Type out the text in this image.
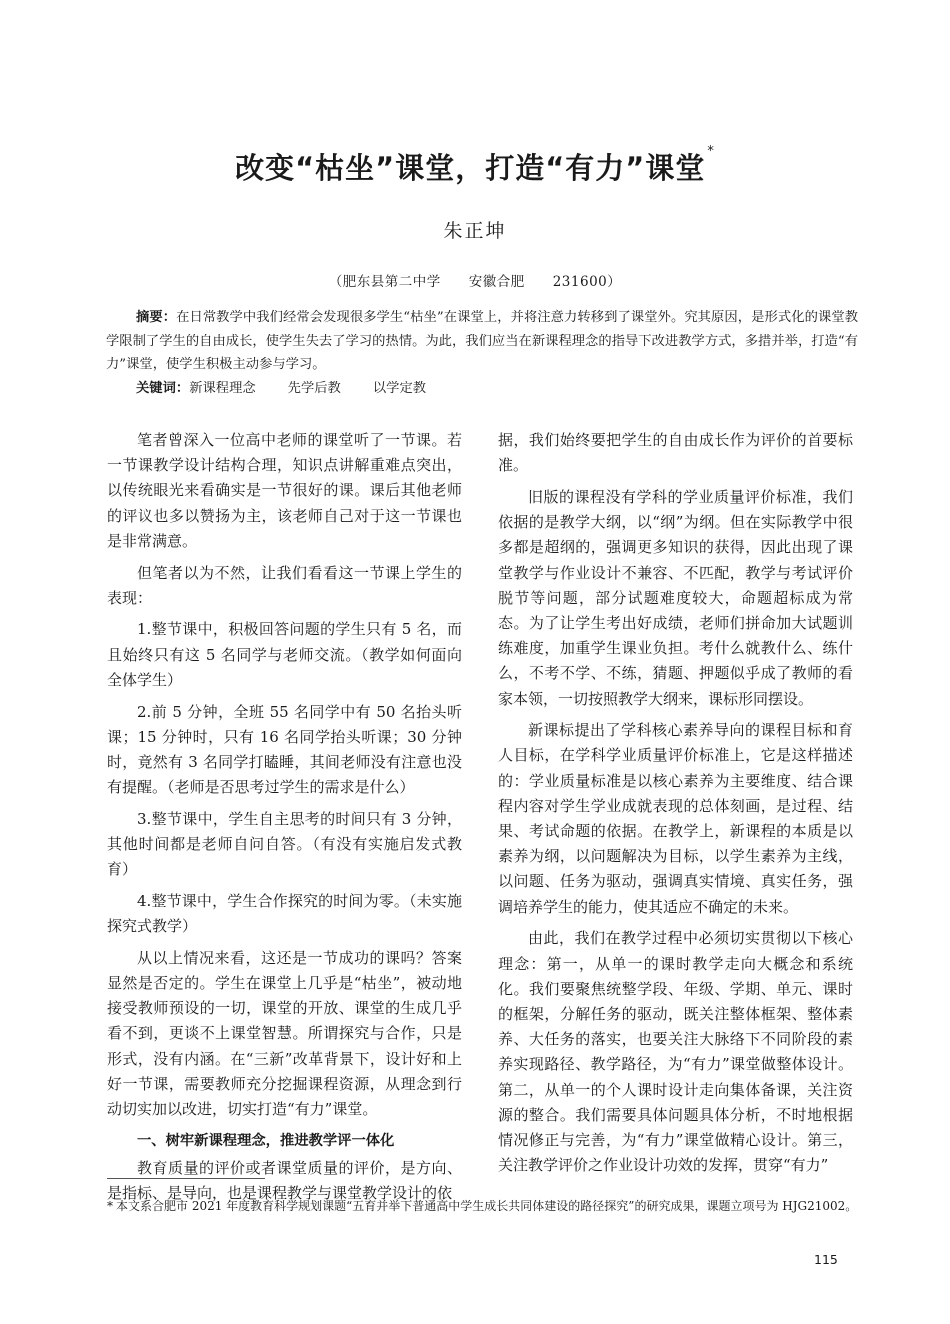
改变“枯坐”课堂，打造“有力”课堂 *
朱正坤
（肥东县第二中学 安徽合肥 231600）
摘要：在日常教学中我们经常会发现很多学生“枯坐”在课堂上，并将注意力转移到了课堂外。究其原因，是形式化的课堂教学限制了学生的自由成长，使学生失去了学习的热情。为此，我们应当在新课程理念的指导下改进教学方式，多措并举，打造“有力”课堂，使学生积极主动参与学习。
关键词：新课程理念 先学后教 以学定教

笔者曾深入一位高中老师的课堂听了一节课。若一节课教学设计结构合理，知识点讲解重难点突出，以传统眼光来看确实是一节很好的课。课后其他老师的评议也多以赞扬为主，该老师自己对于这一节课也是非常满意。

但笔者以为不然，让我们看看这一节课上学生的表现：

1.整节课中，积极回答问题的学生只有 5 名，而且始终只有这 5 名同学与老师交流。（教学如何面向全体学生）

2.前 5 分钟，全班 55 名同学中有 50 名抬头听课；15 分钟时，只有 16 名同学抬头听课；30 分钟时，竟然有 3 名同学打瞌睡，其间老师没有注意也没有提醒。（老师是否思考过学生的需求是什么）

3.整节课中，学生自主思考的时间只有 3 分钟，其他时间都是老师自问自答。（有没有实施启发式教育）

4.整节课中，学生合作探究的时间为零。（未实施探究式教学）

从以上情况来看，这还是一节成功的课吗？答案显然是否定的。学生在课堂上几乎是“枯坐”，被动地接受教师预设的一切，课堂的开放、课堂的生成几乎看不到，更谈不上课堂智慧。所谓探究与合作，只是形式，没有内涵。在“三新”改革背景下，设计好和上好一节课，需要教师充分挖掘课程资源，从理念到行动切实加以改进，切实打造“有力”课堂。

一、树牢新课程理念，推进教学评一体化

教育质量的评价或者课堂质量的评价，是方向、是指标、是导向，也是课程教学与课堂教学设计的依

据，我们始终要把学生的自由成长作为评价的首要标准。

旧版的课程没有学科的学业质量评价标准，我们依据的是教学大纲，以“纲”为纲。但在实际教学中很多都是超纲的，强调更多知识的获得，因此出现了课堂教学与作业设计不兼容、不匹配，教学与考试评价脱节等问题，部分试题难度较大，命题超标成为常态。为了让学生考出好成绩，老师们拼命加大试题训练难度，加重学生课业负担。考什么就教什么、练什么，不考不学、不练，猜题、押题似乎成了教师的看家本领，一切按照教学大纲来，课标形同摆设。

新课标提出了学科核心素养导向的课程目标和育人目标，在学科学业质量评价标准上，它是这样描述的：学业质量标准是以核心素养为主要维度、结合课程内容对学生学业成就表现的总体刻画，是过程、结果、考试命题的依据。在教学上，新课程的本质是以素养为纲，以问题解决为目标，以学生素养为主线，以问题、任务为驱动，强调真实情境、真实任务，强调培养学生的能力，使其适应不确定的未来。

由此，我们在教学过程中必须切实贯彻以下核心理念：第一，从单一的课时教学走向大概念和系统化。我们要聚焦统整学段、年级、学期、单元、课时的框架，分解任务的驱动，既关注整体框架、整体素养、大任务的落实，也要关注大脉络下不同阶段的素养实现路径、教学路径，为“有力”课堂做整体设计。第二，从单一的个人课时设计走向集体备课，关注资源的整合。我们需要具体问题具体分析，不时地根据情况修正与完善，为“有力”课堂做精心设计。第三，关注教学评价之作业设计功效的发挥，贯穿“有力”

* 本文系合肥市 2021 年度教育科学规划课题“五育并举下普通高中学生成长共同体建设的路径探究”的研究成果，课题立项号为 HJG21002。
115
